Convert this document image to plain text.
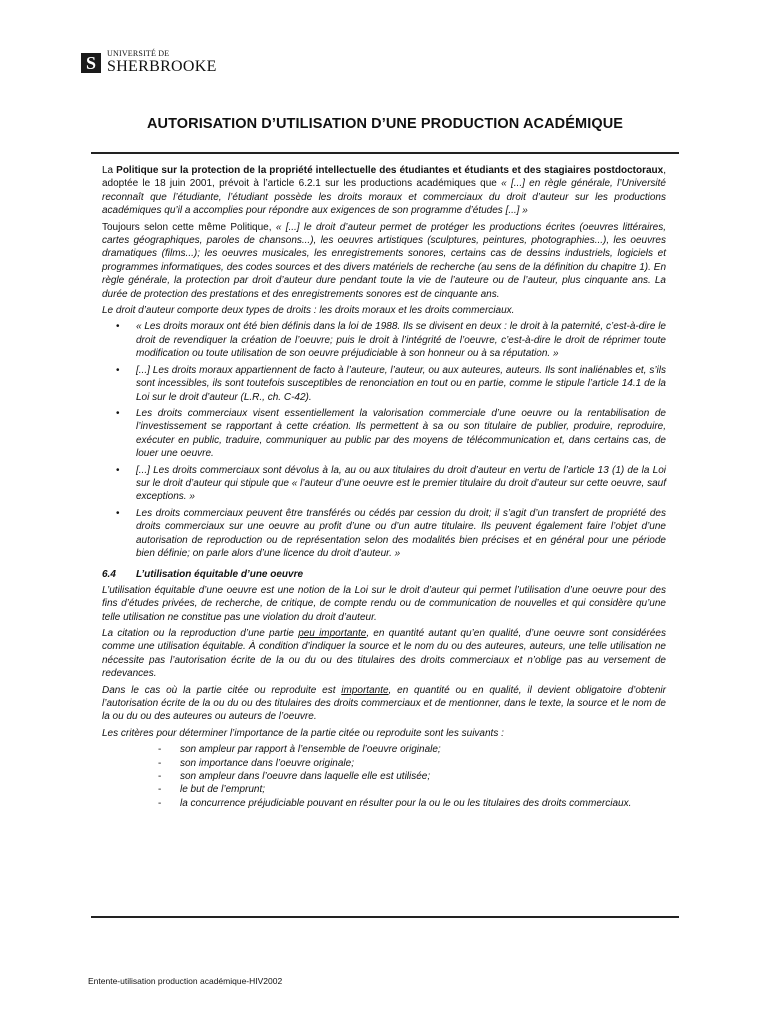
S	UNIVERSITÉ DE
SHERBROOKE
AUTORISATION D’UTILISATION D’UNE PRODUCTION ACADÉMIQUE

La Politique sur la protection de la propriété intellectuelle des étudiantes et étudiants et des stagiaires postdoctoraux, adoptée le 18 juin 2001, prévoit à l’article 6.2.1 sur les productions académiques que « [...] en règle générale, l’Université reconnaît que l’étudiante, l’étudiant possède les droits moraux et commerciaux du droit d’auteur sur les productions académiques qu’il a accomplies pour répondre aux exigences de son programme d’études [...] »

Toujours selon cette même Politique, « [...] le droit d’auteur permet de protéger les productions écrites (oeuvres littéraires, cartes géographiques, paroles de chansons...), les oeuvres artistiques (sculptures, peintures, photographies...), les oeuvres dramatiques (films...); les oeuvres musicales, les enregistrements sonores, certains cas de dessins industriels, logiciels et programmes informatiques, des codes sources et des divers matériels de recherche (au sens de la définition du chapitre 1). En règle générale, la protection par droit d’auteur dure pendant toute la vie de l’auteure ou de l’auteur, plus cinquante ans. La durée de protection des prestations et des enregistrements sonores est de cinquante ans.

Le droit d’auteur comporte deux types de droits : les droits moraux et les droits commerciaux.

• « Les droits moraux ont été bien définis dans la loi de 1988. Ils se divisent en deux : le droit à la paternité, c’est-à-dire le droit de revendiquer la création de l’oeuvre; puis le droit à l’intégrité de l’oeuvre, c’est-à-dire le droit de réprimer toute modification ou toute utilisation de son oeuvre préjudiciable à son honneur ou à sa réputation. »
• [...] Les droits moraux appartiennent de facto à l’auteure, l’auteur, ou aux auteures, auteurs. Ils sont inaliénables et, s’ils sont incessibles, ils sont toutefois susceptibles de renonciation en tout ou en partie, comme le stipule l’article 14.1 de la Loi sur le droit d’auteur (L.R., ch. C-42).
• Les droits commerciaux visent essentiellement la valorisation commerciale d’une oeuvre ou la rentabilisation de l’investissement se rapportant à cette création. Ils permettent à sa ou son titulaire de publier, produire, reproduire, exécuter en public, traduire, communiquer au public par des moyens de télécommunication et, dans certains cas, de louer une oeuvre.
• [...] Les droits commerciaux sont dévolus à la, au ou aux titulaires du droit d’auteur en vertu de l’article 13 (1) de la Loi sur le droit d’auteur qui stipule que « l’auteur d’une oeuvre est le premier titulaire du droit d’auteur sur cette oeuvre, sauf exceptions. »
• Les droits commerciaux peuvent être transférés ou cédés par cession du droit; il s’agit d’un transfert de propriété des droits commerciaux sur une oeuvre au profit d’une ou d’un autre titulaire. Ils peuvent également faire l’objet d’une autorisation de reproduction ou de représentation selon des modalités bien précises et en général pour une période bien définie; on parle alors d’une licence du droit d’auteur. »
6.4	L’utilisation équitable d’une oeuvre

L’utilisation équitable d’une oeuvre est une notion de la Loi sur le droit d’auteur qui permet l’utilisation d’une oeuvre pour des fins d’études privées, de recherche, de critique, de compte rendu ou de communication de nouvelles et qui considère qu’une telle utilisation ne constitue pas une violation du droit d’auteur.

La citation ou la reproduction d’une partie peu importante, en quantité autant qu’en qualité, d’une oeuvre sont considérées comme une utilisation équitable. À condition d’indiquer la source et le nom du ou des auteures, auteurs, une telle utilisation ne nécessite pas l’autorisation écrite de la ou du ou des titulaires des droits commerciaux et n’oblige pas au versement de redevances.

Dans le cas où la partie citée ou reproduite est importante, en quantité ou en qualité, il devient obligatoire d’obtenir l’autorisation écrite de la ou du ou des titulaires des droits commerciaux et de mentionner, dans le texte, la source et le nom de la ou du ou des auteures ou auteurs de l’oeuvre.

Les critères pour déterminer l’importance de la partie citée ou reproduite sont les suivants :

- son ampleur par rapport à l’ensemble de l’oeuvre originale;
- son importance dans l’oeuvre originale;
- son ampleur dans l’oeuvre dans laquelle elle est utilisée;
- le but de l’emprunt;
- la concurrence préjudiciable pouvant en résulter pour la ou le ou les titulaires des droits commerciaux.
Entente-utilisation production académique-HIV2002
